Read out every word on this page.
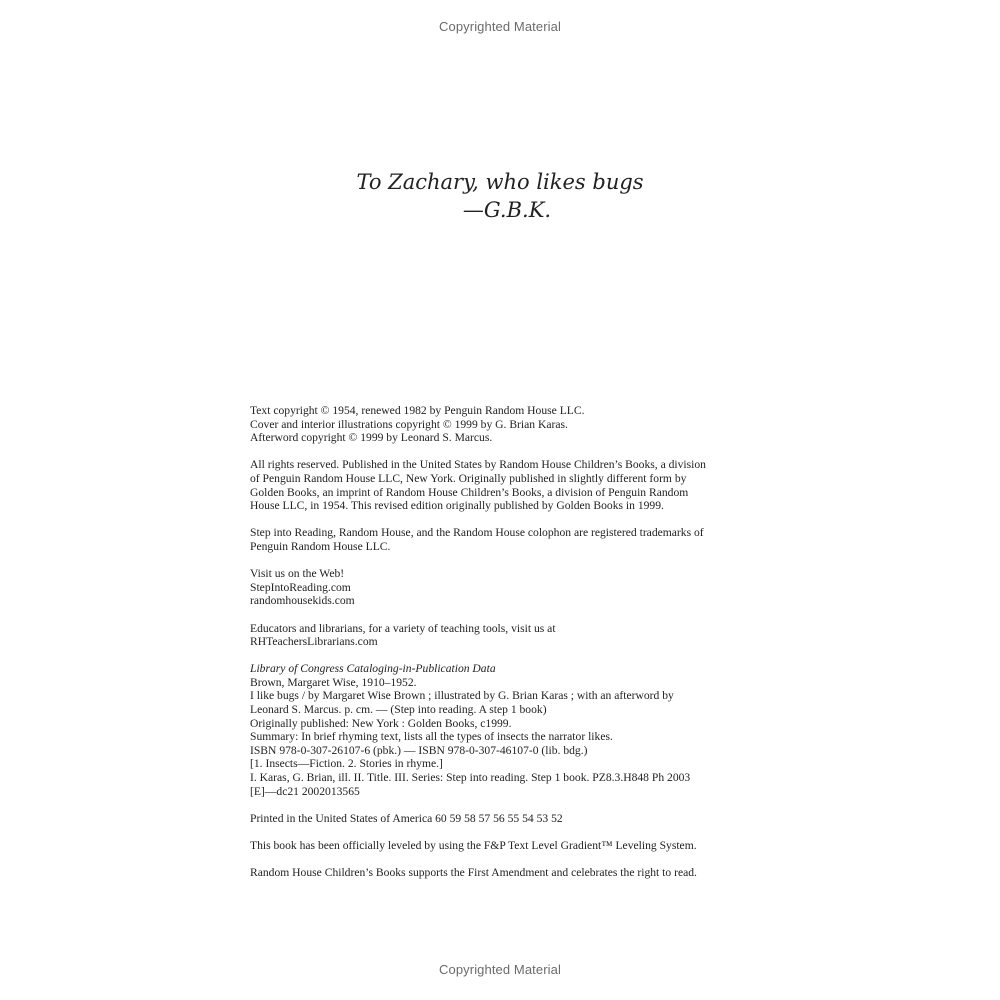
Copyrighted Material
To Zachary, who likes bugs
—G.B.K.

Text copyright © 1954, renewed 1982 by Penguin Random House LLC.
Cover and interior illustrations copyright © 1999 by G. Brian Karas.
Afterword copyright © 1999 by Leonard S. Marcus.

All rights reserved. Published in the United States by Random House Children’s Books, a division
of Penguin Random House LLC, New York. Originally published in slightly different form by
Golden Books, an imprint of Random House Children’s Books, a division of Penguin Random
House LLC, in 1954. This revised edition originally published by Golden Books in 1999.

Step into Reading, Random House, and the Random House colophon are registered trademarks of
Penguin Random House LLC.

Visit us on the Web!
StepIntoReading.com
randomhousekids.com

Educators and librarians, for a variety of teaching tools, visit us at
RHTeachersLibrarians.com

Library of Congress Cataloging-in-Publication Data
Brown, Margaret Wise, 1910–1952.
I like bugs / by Margaret Wise Brown ; illustrated by G. Brian Karas ; with an afterword by
Leonard S. Marcus. p. cm. — (Step into reading. A step 1 book)
Originally published: New York : Golden Books, c1999.
Summary: In brief rhyming text, lists all the types of insects the narrator likes.
ISBN 978-0-307-26107-6 (pbk.) — ISBN 978-0-307-46107-0 (lib. bdg.)
[1. Insects—Fiction. 2. Stories in rhyme.]
I. Karas, G. Brian, ill. II. Title. III. Series: Step into reading. Step 1 book. PZ8.3.H848 Ph 2003
[E]—dc21 2002013565

Printed in the United States of America 60 59 58 57 56 55 54 53 52

This book has been officially leveled by using the F&P Text Level Gradient™ Leveling System.

Random House Children’s Books supports the First Amendment and celebrates the right to read.

Copyrighted Material
